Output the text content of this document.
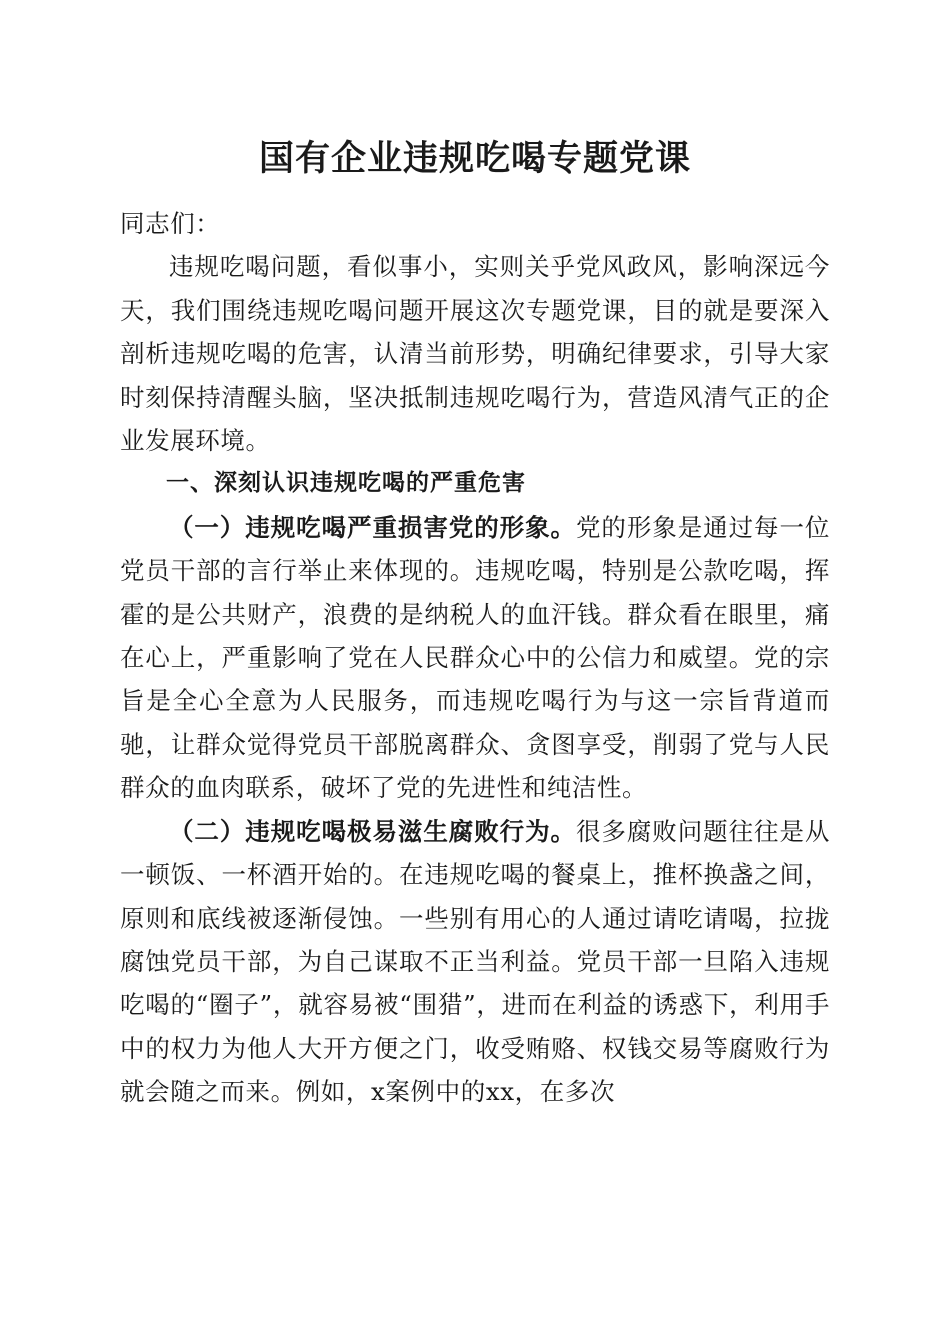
国有企业违规吃喝专题党课

同志们：

违规吃喝问题，看似事小，实则关乎党风政风，影响深远今天，我们围绕违规吃喝问题开展这次专题党课，目的就是要深入剖析违规吃喝的危害，认清当前形势，明确纪律要求，引导大家时刻保持清醒头脑，坚决抵制违规吃喝行为，营造风清气正的企业发展环境。

一、深刻认识违规吃喝的严重危害

（一）违规吃喝严重损害党的形象。党的形象是通过每一位党员干部的言行举止来体现的。违规吃喝，特别是公款吃喝，挥霍的是公共财产，浪费的是纳税人的血汗钱。群众看在眼里，痛在心上，严重影响了党在人民群众心中的公信力和威望。党的宗旨是全心全意为人民服务，而违规吃喝行为与这一宗旨背道而驰，让群众觉得党员干部脱离群众、贪图享受，削弱了党与人民群众的血肉联系，破坏了党的先进性和纯洁性。

（二）违规吃喝极易滋生腐败行为。很多腐败问题往往是从一顿饭、一杯酒开始的。在违规吃喝的餐桌上，推杯换盏之间，原则和底线被逐渐侵蚀。一些别有用心的人通过请吃请喝，拉拢腐蚀党员干部，为自己谋取不正当利益。党员干部一旦陷入违规吃喝的“圈子”，就容易被“围猎”，进而在利益的诱惑下，利用手中的权力为他人大开方便之门，收受贿赂、权钱交易等腐败行为就会随之而来。例如，x案例中的xx，在多次
